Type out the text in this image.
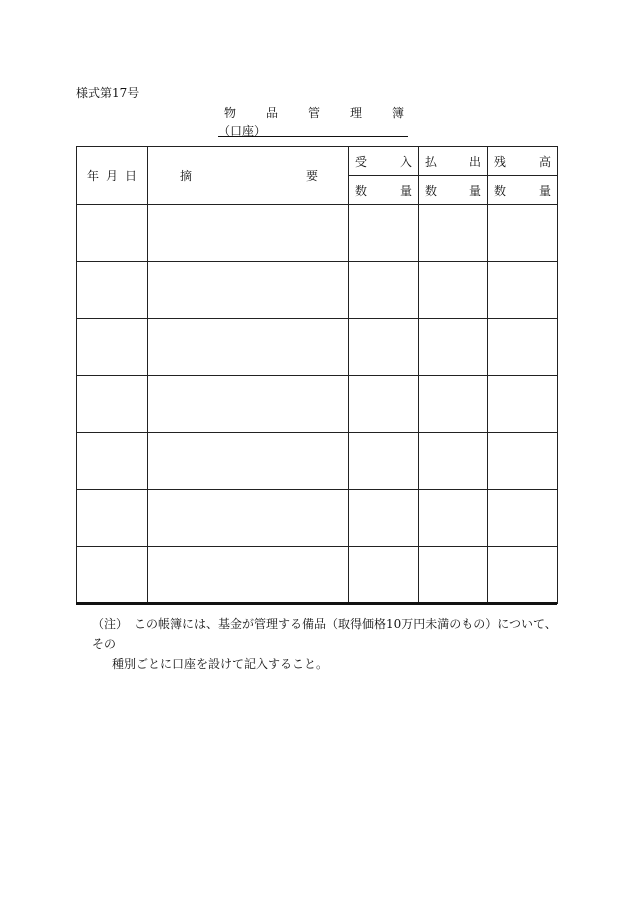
様式第17号
物 品 管 理 簿
（口座）
年 月 日	摘 要	受 入	払 出	残 高

		数 量	数 量	数 量

（注）　この帳簿には、基金が管理する備品（取得価格10万円未満のもの）について、その
種別ごとに口座を設けて記入すること。
